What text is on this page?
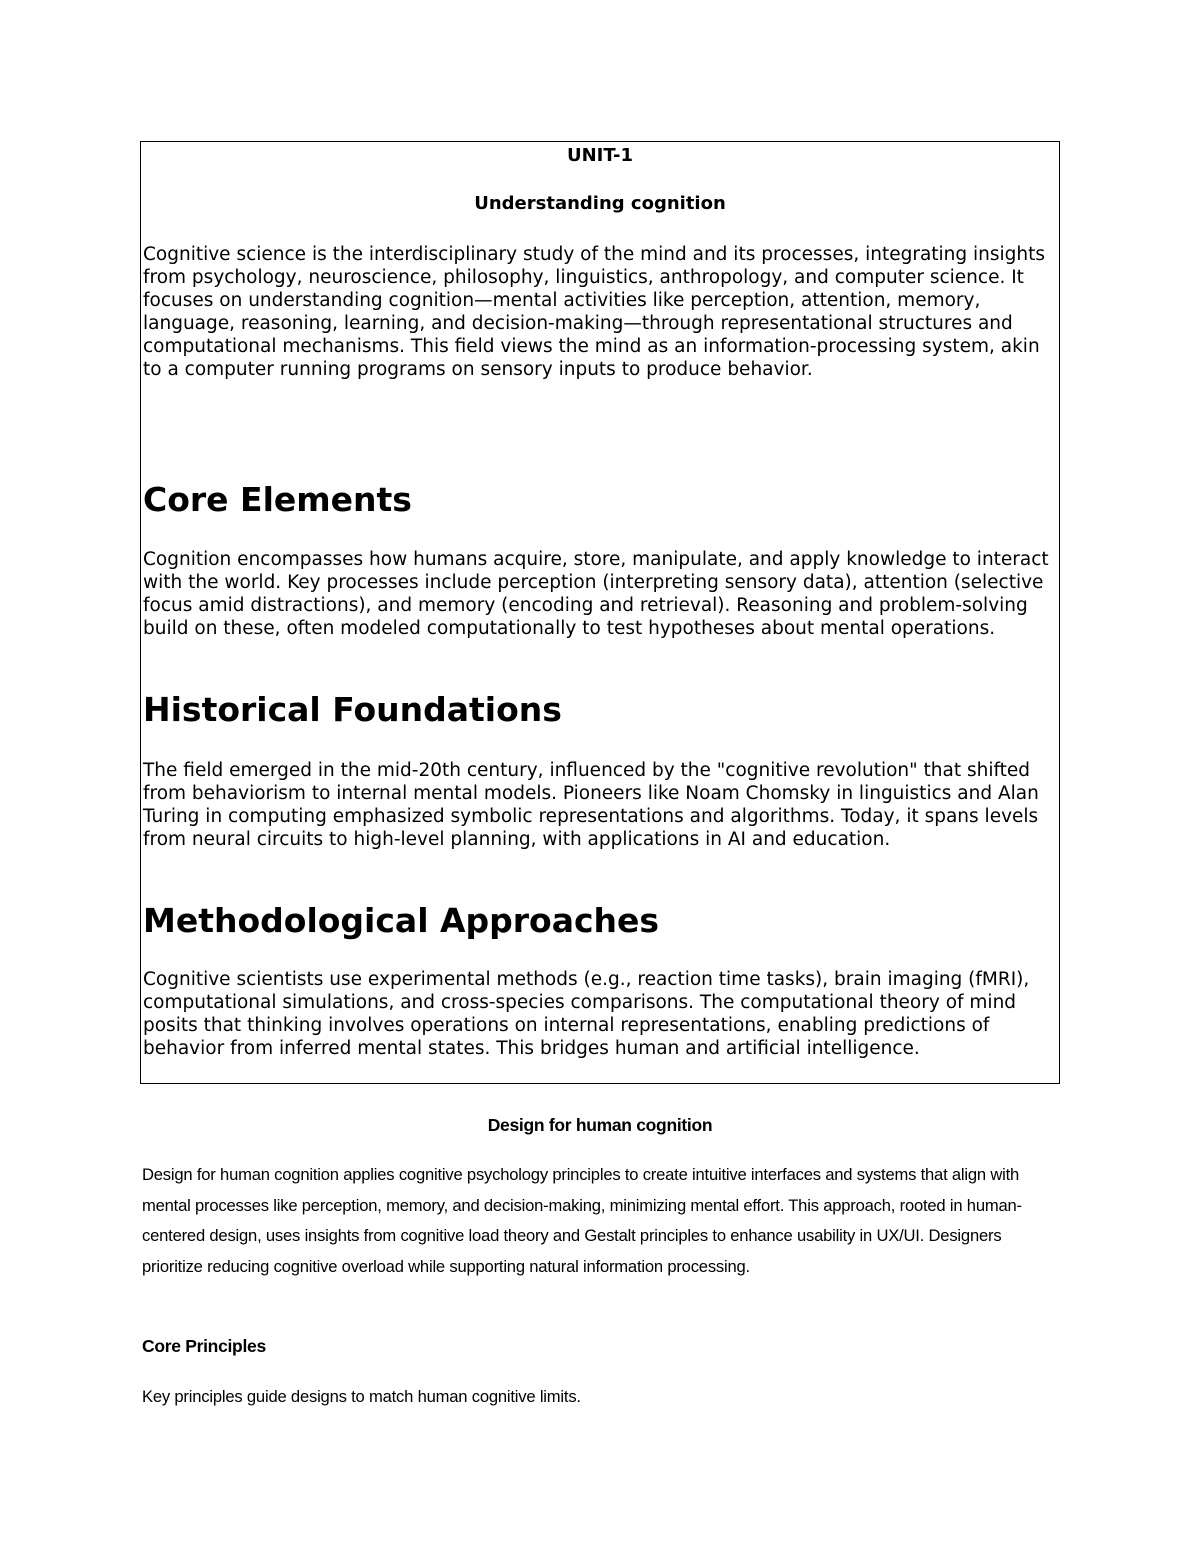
UNIT-1
Understanding cognition

Cognitive science is the interdisciplinary study of the mind and its processes, integrating insights from psychology, neuroscience, philosophy, linguistics, anthropology, and computer science. It focuses on understanding cognition—mental activities like perception, attention, memory, language, reasoning, learning, and decision-making—through representational structures and computational mechanisms. This field views the mind as an information-processing system, akin to a computer running programs on sensory inputs to produce behavior.

Core Elements

Cognition encompasses how humans acquire, store, manipulate, and apply knowledge to interact with the world. Key processes include perception (interpreting sensory data), attention (selective focus amid distractions), and memory (encoding and retrieval). Reasoning and problem-solving build on these, often modeled computationally to test hypotheses about mental operations.

Historical Foundations

The field emerged in the mid-20th century, influenced by the "cognitive revolution" that shifted from behaviorism to internal mental models. Pioneers like Noam Chomsky in linguistics and Alan Turing in computing emphasized symbolic representations and algorithms. Today, it spans levels from neural circuits to high-level planning, with applications in AI and education.

Methodological Approaches

Cognitive scientists use experimental methods (e.g., reaction time tasks), brain imaging (fMRI), computational simulations, and cross-species comparisons. The computational theory of mind posits that thinking involves operations on internal representations, enabling predictions of behavior from inferred mental states. This bridges human and artificial intelligence.

Design for human cognition

Design for human cognition applies cognitive psychology principles to create intuitive interfaces and systems that align with mental processes like perception, memory, and decision-making, minimizing mental effort. This approach, rooted in human-centered design, uses insights from cognitive load theory and Gestalt principles to enhance usability in UX/UI. Designers prioritize reducing cognitive overload while supporting natural information processing.

Core Principles
Key principles guide designs to match human cognitive limits.
